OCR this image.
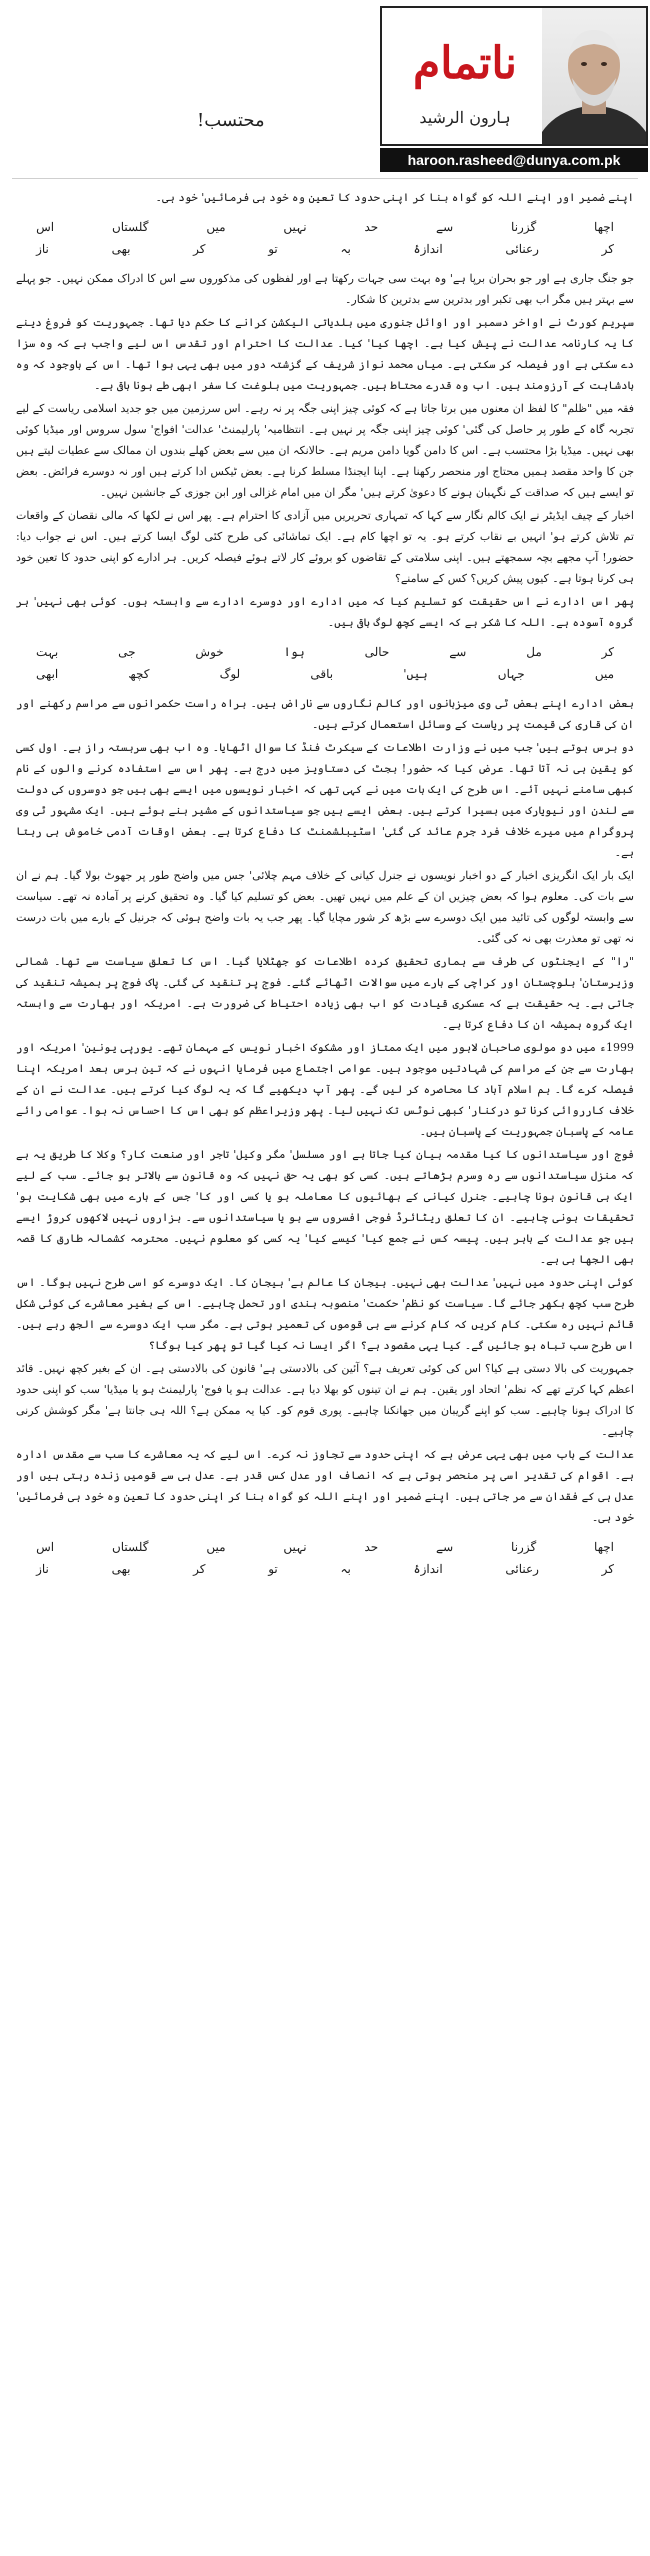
محتسب!
ناتمام
ہارون الرشید
haroon.rasheed@dunya.com.pk

اپنے ضمیر اور اپنے اللہ کو گواہ بنا کر اپنی حدود کا تعین وہ خود ہی فرمائیں' خود ہی۔

اس	گلستاں	میں	نہیں	حد	سے	گزرنا	اچھا
ناز	بھی	کر	تو	بہ	اندازۂ	رعنائی	کر

جو جنگ جاری ہے اور جو بحران برپا ہے' وہ بہت سی جہات رکھتا ہے اور لفظوں کی مذکوروں سے اس کا ادراک ممکن نہیں۔ جو پہلے سے بہتر ہیں مگر اب بھی تکبر اور بدترین سے بدترین کا شکار۔

سپریم کورٹ نے اواخر دسمبر اور اوائل جنوری میں بلدیاتی الیکشن کرانے کا حکم دیا تھا۔ جمہوریت کو فروغ دینے کا یہ کارنامہ عدالت نے پیش کیا ہے۔ اچھا کیا' کیا۔ عدالت کا احترام اور تقدس اس لیے واجب ہے کہ وہ سزا دے سکتی ہے اور فیصلہ کر سکتی ہے۔ میاں محمد نواز شریف کے گزشتہ دور میں بھی یہی ہوا تھا۔ اس کے باوجود کہ وہ بادشاہت کے آرزومند ہیں۔ اب وہ قدرے محتاط ہیں۔ جمہوریت میں بلوغت کا سفر ابھی طے ہونا باقی ہے۔

فقہ میں "ظلم" کا لفظ ان معنوں میں برتا جاتا ہے کہ کوئی چیز اپنی جگہ پر نہ رہے۔ اس سرزمین میں جو جدید اسلامی ریاست کے لیے تجربہ گاہ کے طور پر حاصل کی گئی' کوئی چیز اپنی جگہ پر نہیں ہے۔ انتظامیہ' پارلیمنٹ' عدالت' افواج' سول سروس اور میڈیا کوئی بھی نہیں۔ میڈیا بڑا محتسب ہے۔ اس کا دامن گویا دامن مریم ہے۔ حالانکہ ان میں سے بعض کھلے بندوں ان ممالک سے عطیات لیتے ہیں جن کا واحد مقصد ہمیں محتاج اور منحصر رکھنا ہے۔ اپنا ایجنڈا مسلط کرنا ہے۔ بعض ٹیکس ادا کرتے ہیں اور نہ دوسرے فرائض۔ بعض تو ایسے ہیں کہ صداقت کے نگہبان ہونے کا دعویٰ کرتے ہیں' مگر ان میں امام غزالی اور ابن جوزی کے جانشین نہیں۔

اخبار کے چیف ایڈیٹر نے ایک کالم نگار سے کہا کہ تمہاری تحریریں میں آزادی کا احترام ہے۔ پھر اس نے لکھا کہ مالی نقصان کے واقعات تم تلاش کرتے ہو' انہیں بے نقاب کرتے ہو۔ یہ تو اچھا کام ہے۔ ایک تماشائی کی طرح کئی لوگ ایسا کرتے ہیں۔ اس نے جواب دیا: حضور! آپ مجھے بچہ سمجھتے ہیں۔ اپنی سلامتی کے تقاضوں کو بروئے کار لاتے ہوئے فیصلہ کریں۔ ہر ادارے کو اپنی حدود کا تعین خود ہی کرنا ہوتا ہے۔ کیوں پیش کریں؟ کس کے سامنے؟

پھر اس ادارے نے اس حقیقت کو تسلیم کیا کہ میں ادارے اور دوسرے ادارے سے وابستہ ہوں۔ کوئی بھی نہیں' ہر گروہ آسودہ ہے۔ اللہ کا شکر ہے کہ ایسے کچھ لوگ باقی ہیں۔

بہت	جی	خوش	ہوا	حالی	سے	مل	کر
ابھی	کچھ	لوگ	باقی	ہیں'	جہاں	میں

بعض ادارے اپنے بعض ٹی وی میزبانوں اور کالم نگاروں سے ناراض ہیں۔ براہ راست حکمرانوں سے مراسم رکھنے اور ان کی قاری کی قیمت پر ریاست کے وسائل استعمال کرتے ہیں۔

دو برس ہوتے ہیں' جب میں نے وزارت اطلاعات کے سیکرٹ فنڈ کا سوال اٹھایا۔ وہ اب بھی سربستہ راز ہے۔ اول کسی کو یقین ہی نہ آتا تھا۔ عرض کیا کہ حضور! بجٹ کی دستاویز میں درج ہے۔ پھر اس سے استفادہ کرنے والوں کے نام کبھی سامنے نہیں آئے۔ اس طرح کی ایک بات میں نے کہی تھی کہ اخبار نویسوں میں ایسے بھی ہیں جو دوسروں کی دولت سے لندن اور نیویارک میں بسیرا کرتے ہیں۔ بعض ایسے ہیں جو سیاستدانوں کے مشیر بنے ہوئے ہیں۔ ایک مشہور ٹی وی پروگرام میں میرے خلاف فرد جرم عائد کی گئی' اسٹیبلشمنٹ کا دفاع کرتا ہے۔ بعض اوقات آدمی خاموش ہی رہتا ہے۔

ایک بار ایک انگریزی اخبار کے دو اخبار نویسوں نے جنرل کیانی کے خلاف مہم چلائی' جس میں واضح طور پر جھوٹ بولا گیا۔ ہم نے ان سے بات کی۔ معلوم ہوا کہ بعض چیزیں ان کے علم میں نہیں تھیں۔ بعض کو تسلیم کیا گیا۔ وہ تحقیق کرنے پر آمادہ نہ تھے۔ سیاست سے وابستہ لوگوں کی تائید میں ایک دوسرے سے بڑھ کر شور مچایا گیا۔ پھر جب یہ بات واضح ہوئی کہ جرنیل کے بارے میں بات درست نہ تھی تو معذرت بھی نہ کی گئی۔

"را" کے ایجنٹوں کی طرف سے ہماری تحقیق کردہ اطلاعات کو جھٹلایا گیا۔ اس کا تعلق سیاست سے تھا۔ شمالی وزیرستان' بلوچستان اور کراچی کے بارے میں سوالات اٹھائے گئے۔ فوج پر تنقید کی گئی۔ پاک فوج پر ہمیشہ تنقید کی جاتی ہے۔ یہ حقیقت ہے کہ عسکری قیادت کو اب بھی زیادہ احتیاط کی ضرورت ہے۔ امریکہ اور بھارت سے وابستہ ایک گروہ ہمیشہ ان کا دفاع کرتا ہے۔

1999ء میں دو مولوی صاحبان لاہور میں ایک ممتاز اور مشکوک اخبار نویس کے مہمان تھے۔ یورپی یونین' امریکہ اور بھارت سے جن کے مراسم کی شہادتیں موجود ہیں۔ عوامی اجتماع میں فرمایا انہوں نے کہ تین برس بعد امریکہ اپنا فیصلہ کرے گا۔ ہم اسلام آباد کا محاصرہ کر لیں گے۔ پھر آپ دیکھیے گا کہ یہ لوگ کیا کرتے ہیں۔ عدالت نے ان کے خلاف کارروائی کرنا تو درکنار' کبھی نوٹس تک نہیں لیا۔ پھر وزیراعظم کو بھی اس کا احساس نہ ہوا۔ عوامی رائے عامہ کے پاسبان جمہوریت کے پاسبان ہیں۔

فوج اور سیاستدانوں کا کیا مقدمہ بیان کیا جاتا ہے اور مسلسل' مگر وکیل' تاجر اور صنعت کار؟ وکلا کا طریق یہ ہے کہ منزل سیاستدانوں سے رہ وسرم بڑھاتے ہیں۔ کسی کو بھی یہ حق نہیں کہ وہ قانون سے بالاتر ہو جائے۔ سب کے لیے ایک ہی قانون ہونا چاہیے۔ جنرل کیانی کے بھائیوں کا معاملہ ہو یا کسی اور کا' جس کے بارے میں بھی شکایت ہو' تحقیقات ہونی چاہیے۔ ان کا تعلق ریٹائرڈ فوجی افسروں سے ہو یا سیاستدانوں سے۔ ہزاروں نہیں لاکھوں کروڑ ایسے ہیں جو عدالت کے باہر ہیں۔ پیسہ کس نے جمع کیا' کیسے کیا' یہ کسی کو معلوم نہیں۔ محترمہ کشمالہ طارق کا قصہ بھی الجھا ہی ہے۔

کوئی اپنی حدود میں نہیں' عدالت بھی نہیں۔ ہیجان کا عالم ہے' ہیجان کا۔ ایک دوسرے کو اسی طرح نہیں ہوگا۔ اس طرح سب کچھ بکھر جائے گا۔ سیاست کو نظم' حکمت' منصوبہ بندی اور تحمل چاہیے۔ اس کے بغیر معاشرے کی کوئی شکل قائم نہیں رہ سکتی۔ کام کریں کہ کام کرنے سے ہی قوموں کی تعمیر ہوتی ہے۔ مگر سب ایک دوسرے سے الجھ رہے ہیں۔ اس طرح سب تباہ ہو جائیں گے۔ کیا یہی مقصود ہے؟ اگر ایسا نہ کیا گیا تو پھر کیا ہوگا؟

جمہوریت کی بالا دستی ہے کیا؟ اس کی کوئی تعریف ہے؟ آئین کی بالادستی ہے' قانون کی بالادستی ہے۔ ان کے بغیر کچھ نہیں۔ قائد اعظم کہا کرتے تھے کہ نظم' اتحاد اور یقین۔ ہم نے ان تینوں کو بھلا دیا ہے۔ عدالت ہو یا فوج' پارلیمنٹ ہو یا میڈیا' سب کو اپنی حدود کا ادراک ہونا چاہیے۔ سب کو اپنے گریبان میں جھانکنا چاہیے۔ پوری قوم کو۔ کیا یہ ممکن ہے؟ اللہ ہی جانتا ہے' مگر کوشش کرنی چاہیے۔

عدالت کے باب میں بھی یہی عرض ہے کہ اپنی حدود سے تجاوز نہ کرے۔ اس لیے کہ یہ معاشرے کا سب سے مقدس ادارہ ہے۔ اقوام کی تقدیر اسی پر منحصر ہوتی ہے کہ انصاف اور عدل کس قدر ہے۔ عدل ہی سے قومیں زندہ رہتی ہیں اور عدل ہی کے فقدان سے مر جاتی ہیں۔ اپنے ضمیر اور اپنے اللہ کو گواہ بنا کر اپنی حدود کا تعین وہ خود ہی فرمائیں' خود ہی۔

اس	گلستاں	میں	نہیں	حد	سے	گزرنا	اچھا
ناز	بھی	کر	تو	بہ	اندازۂ	رعنائی	کر
